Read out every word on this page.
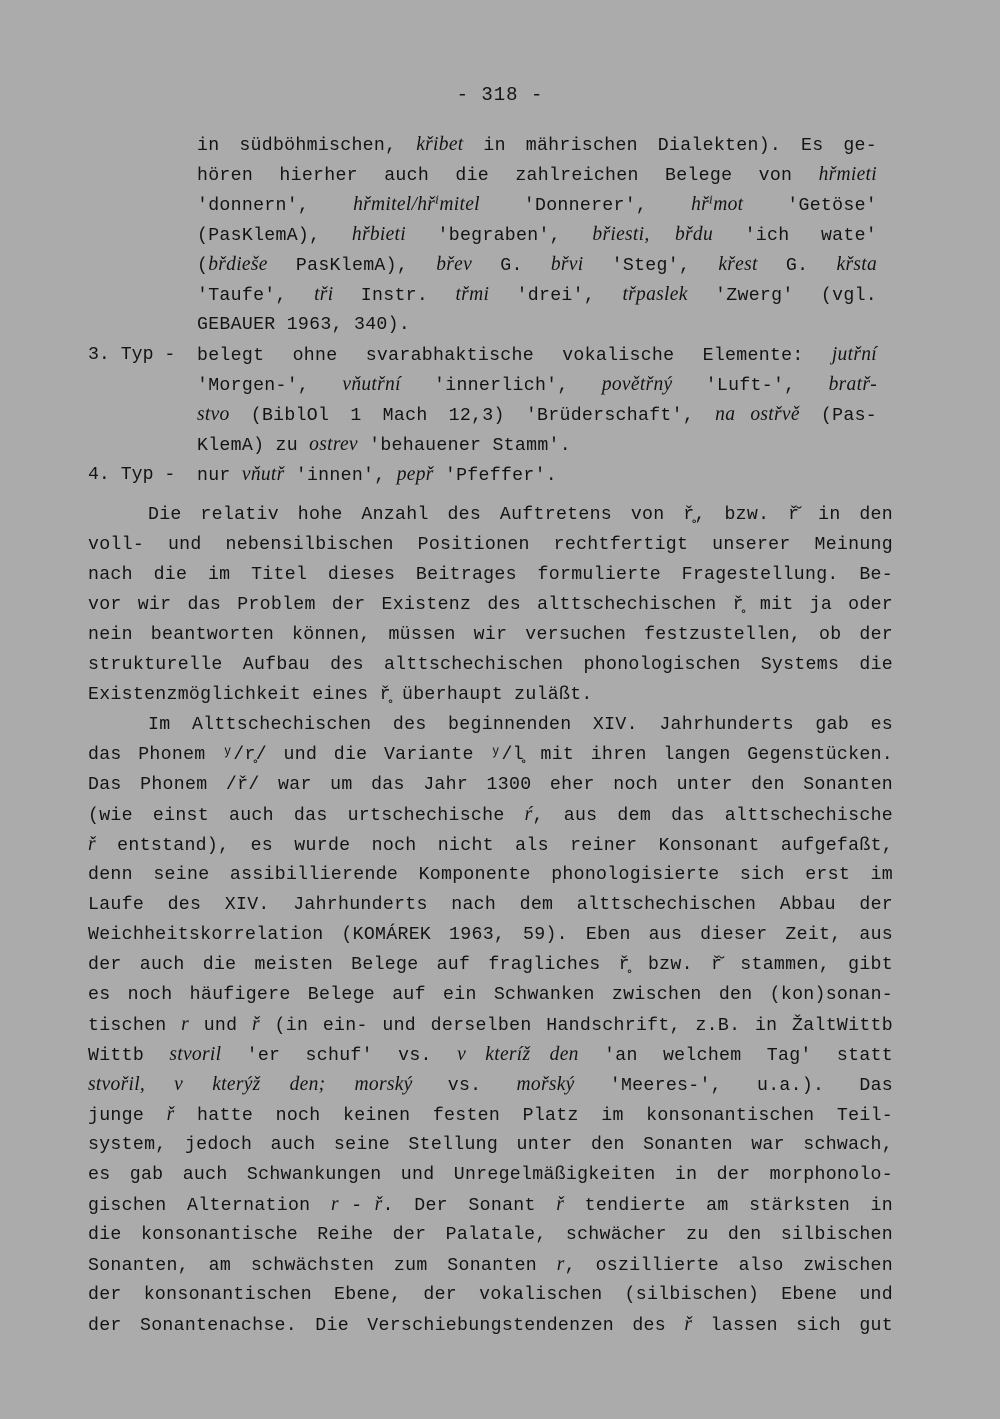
- 318 -
in südböhmischen, křibet in mährischen Dialekten). Es ge-
hören hierher auch die zahlreichen Belege von hřmieti
'donnern', hřmitel/hřⁱmitel 'Donnerer', hřⁱmot 'Getöse'
(PasKlemA), hřbieti 'begraben', břiesti, břdu 'ich wate'
(břdieše PasKlemA), břev G. břvi 'Steg', křest G. křsta
'Taufe', tři Instr. třmi 'drei', třpaslek 'Zwerg' (vgl.
GEBAUER 1963, 340).
3. Typ - belegt ohne svarabhaktische vokalische Elemente: jutřní
'Morgen-', vňutřní 'innerlich', povětřný 'Luft-', bratř-
stvo (BiblOl 1 Mach 12,3) 'Brüderschaft', na ostřvě (Pas-
KlemA) zu ostrev 'behauener Stamm'.
4. Typ - nur vňutř 'innen', pepř 'Pfeffer'.
Die relativ hohe Anzahl des Auftretens von ř̥, bzw. ř̆ in den
voll- und nebensilbischen Positionen rechtfertigt unserer Meinung
nach die im Titel dieses Beitrages formulierte Fragestellung. Be-
vor wir das Problem der Existenz des alttschechischen ř̥ mit ja oder
nein beantworten können, müssen wir versuchen festzustellen, ob der
strukturelle Aufbau des alttschechischen phonologischen Systems die
Existenzmöglichkeit eines ř̥ überhaupt zuläßt.
Im Alttschechischen des beginnenden XIV. Jahrhunderts gab es
das Phonem ʸ/r̥/ und die Variante ʸ/l̥ mit ihren langen Gegenstücken.
Das Phonem /ř/ war um das Jahr 1300 eher noch unter den Sonanten
(wie einst auch das urtschechische ŕ, aus dem das alttschechische
ř entstand), es wurde noch nicht als reiner Konsonant aufgefaßt,
denn seine assibillierende Komponente phonologisierte sich erst im
Laufe des XIV. Jahrhunderts nach dem alttschechischen Abbau der
Weichheitskorrelation (KOMÁREK 1963, 59). Eben aus dieser Zeit, aus
der auch die meisten Belege auf fragliches ř̥ bzw. ř̆ stammen, gibt
es noch häufigere Belege auf ein Schwanken zwischen den (kon)sonan-
tischen r und ř (in ein- und derselben Handschrift, z.B. in ŽaltWittb
Wittb stvoril 'er schuf' vs. v kteríž den 'an welchem Tag' statt
stvořil, v kterýž den; morský vs. mořský 'Meeres-', u.a.). Das
junge ř hatte noch keinen festen Platz im konsonantischen Teil-
system, jedoch auch seine Stellung unter den Sonanten war schwach,
es gab auch Schwankungen und Unregelmäßigkeiten in der morphonolo-
gischen Alternation r - ř. Der Sonant ř tendierte am stärksten in
die konsonantische Reihe der Palatale, schwächer zu den silbischen
Sonanten, am schwächsten zum Sonanten r, oszillierte also zwischen
der konsonantischen Ebene, der vokalischen (silbischen) Ebene und
der Sonantenachse. Die Verschiebungstendenzen des ř lassen sich gut
